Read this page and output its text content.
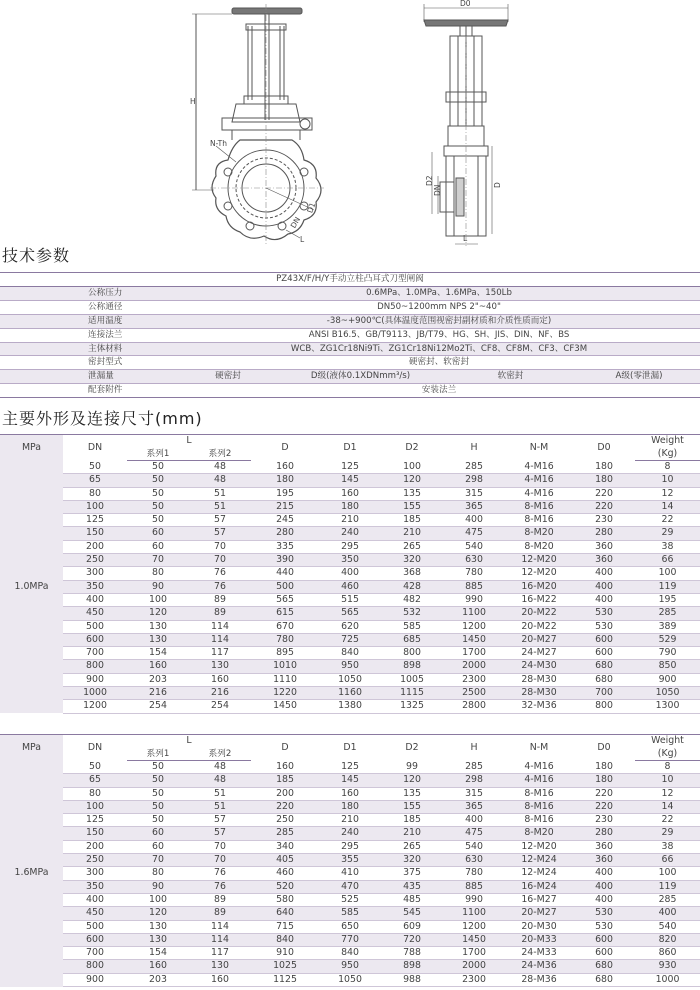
H
N-Th
D1
DN
L
D0
D2
DN	D
L
技术参数
PZ43X/F/H/Y手动立柱凸耳式刀型闸阀				
公称压力	0.6MPa、1.0MPa、1.6MPa、150Lb			
公称通径	DN50~1200mm NPS 2"~40"			
适用温度	-38~+900℃(具体温度范围视密封副材质和介质性质而定)			
连接法兰	ANSI B16.5、GB/T9113、JB/T79、HG、SH、JIS、DIN、NF、BS			
主体材料	WCB、ZG1Cr18Ni9Ti、ZG1Cr18Ni12Mo2Ti、CF8、CF8M、CF3、CF3M			
密封型式	硬密封、软密封			
泄漏量	硬密封	D级(液体0.1XDNmm³/s)	软密封	A级(零泄漏)
配套附件	安装法兰			
主要外形及连接尺寸(mm)
MPa	DN	L		D	D1	D2	H	N-M	D0	Weight
		系列1	系列2							(Kg)
1.0MPa	50	50	48	160	125	100	285	4-M16	180	8
	65	50	48	180	145	120	298	4-M16	180	10
	80	50	51	195	160	135	315	4-M16	220	12
	100	50	51	215	180	155	365	8-M16	220	14
	125	50	57	245	210	185	400	8-M16	230	22
	150	60	57	280	240	210	475	8-M20	280	29
	200	60	70	335	295	265	540	8-M20	360	38
	250	70	70	390	350	320	630	12-M20	360	66
	300	80	76	440	400	368	780	12-M20	400	100
	350	90	76	500	460	428	885	16-M20	400	119
	400	100	89	565	515	482	990	16-M22	400	195
	450	120	89	615	565	532	1100	20-M22	530	285
	500	130	114	670	620	585	1200	20-M22	530	389
	600	130	114	780	725	685	1450	20-M27	600	529
	700	154	117	895	840	800	1700	24-M27	600	790
	800	160	130	1010	950	898	2000	24-M30	680	850
	900	203	160	1110	1050	1005	2300	28-M30	680	900
	1000	216	216	1220	1160	1115	2500	28-M30	700	1050
	1200	254	254	1450	1380	1325	2800	32-M36	800	1300
MPa	DN	L		D	D1	D2	H	N-M	D0	Weight
		系列1	系列2							(Kg)
1.6MPa	50	50	48	160	125	99	285	4-M16	180	8
	65	50	48	185	145	120	298	4-M16	180	10
	80	50	51	200	160	135	315	8-M16	220	12
	100	50	51	220	180	155	365	8-M16	220	14
	125	50	57	250	210	185	400	8-M16	230	22
	150	60	57	285	240	210	475	8-M20	280	29
	200	60	70	340	295	265	540	12-M20	360	38
	250	70	70	405	355	320	630	12-M24	360	66
	300	80	76	460	410	375	780	12-M24	400	100
	350	90	76	520	470	435	885	16-M24	400	119
	400	100	89	580	525	485	990	16-M27	400	285
	450	120	89	640	585	545	1100	20-M27	530	400
	500	130	114	715	650	609	1200	20-M30	530	540
	600	130	114	840	770	720	1450	20-M33	600	820
	700	154	117	910	840	788	1700	24-M33	600	860
	800	160	130	1025	950	898	2000	24-M36	680	930
	900	203	160	1125	1050	988	2300	28-M36	680	1000
